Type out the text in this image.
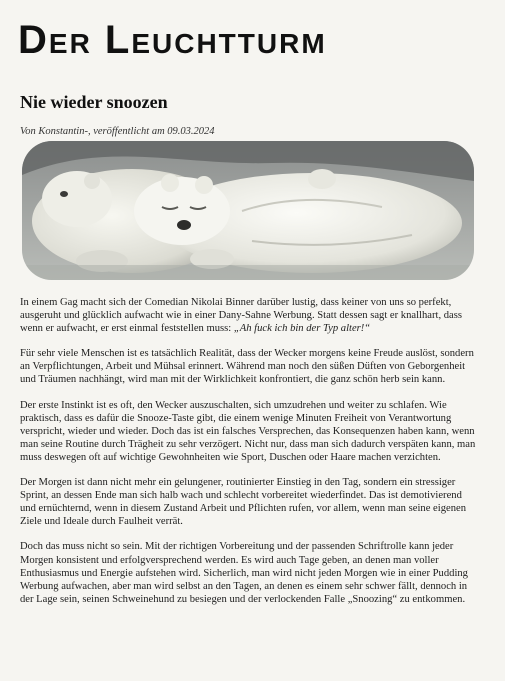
Der Leuchtturm
Nie wieder snoozen
Von Konstantin-, veröffentlicht am 09.03.2024

In einem Gag macht sich der Comedian Nikolai Binner darüber lustig, dass keiner von uns so perfekt, ausgeruht und glücklich aufwacht wie in einer Dany-Sahne Werbung. Statt dessen sagt er knallhart, dass wenn er aufwacht, er erst einmal feststellen muss: „Ah fuck ich bin der Typ alter!“

Für sehr viele Menschen ist es tatsächlich Realität, dass der Wecker morgens keine Freude auslöst, sondern an Verpflichtungen, Arbeit und Mühsal erinnert. Während man noch den süßen Düften von Geborgenheit und Träumen nachhängt, wird man mit der Wirklichkeit konfrontiert, die ganz schön herb sein kann.

Der erste Instinkt ist es oft, den Wecker auszuschalten, sich umzudrehen und weiter zu schlafen. Wie praktisch, dass es dafür die Snooze-Taste gibt, die einem wenige Minuten Freiheit von Verantwortung verspricht, wieder und wieder. Doch das ist ein falsches Versprechen, das Konsequenzen haben kann, wenn man seine Routine durch Trägheit zu sehr verzögert. Nicht nur, dass man sich dadurch verspäten kann, man muss deswegen oft auf wichtige Gewohnheiten wie Sport, Duschen oder Haare machen verzichten.

Der Morgen ist dann nicht mehr ein gelungener, routinierter Einstieg in den Tag, sondern ein stressiger Sprint, an dessen Ende man sich halb wach und schlecht vorbereitet wiederfindet. Das ist demotivierend und ernüchternd, wenn in diesem Zustand Arbeit und Pflichten rufen, vor allem, wenn man seine eigenen Ziele und Ideale durch Faulheit verrät.

Doch das muss nicht so sein. Mit der richtigen Vorbereitung und der passenden Schriftrolle kann jeder Morgen konsistent und erfolgversprechend werden. Es wird auch Tage geben, an denen man voller Enthusiasmus und Energie aufstehen wird. Sicherlich, man wird nicht jeden Morgen wie in einer Pudding Werbung aufwachen, aber man wird selbst an den Tagen, an denen es einem sehr schwer fällt, dennoch in der Lage sein, seinen Schweinehund zu besiegen und der verlockenden Falle „Snoozing“ zu entkommen.
